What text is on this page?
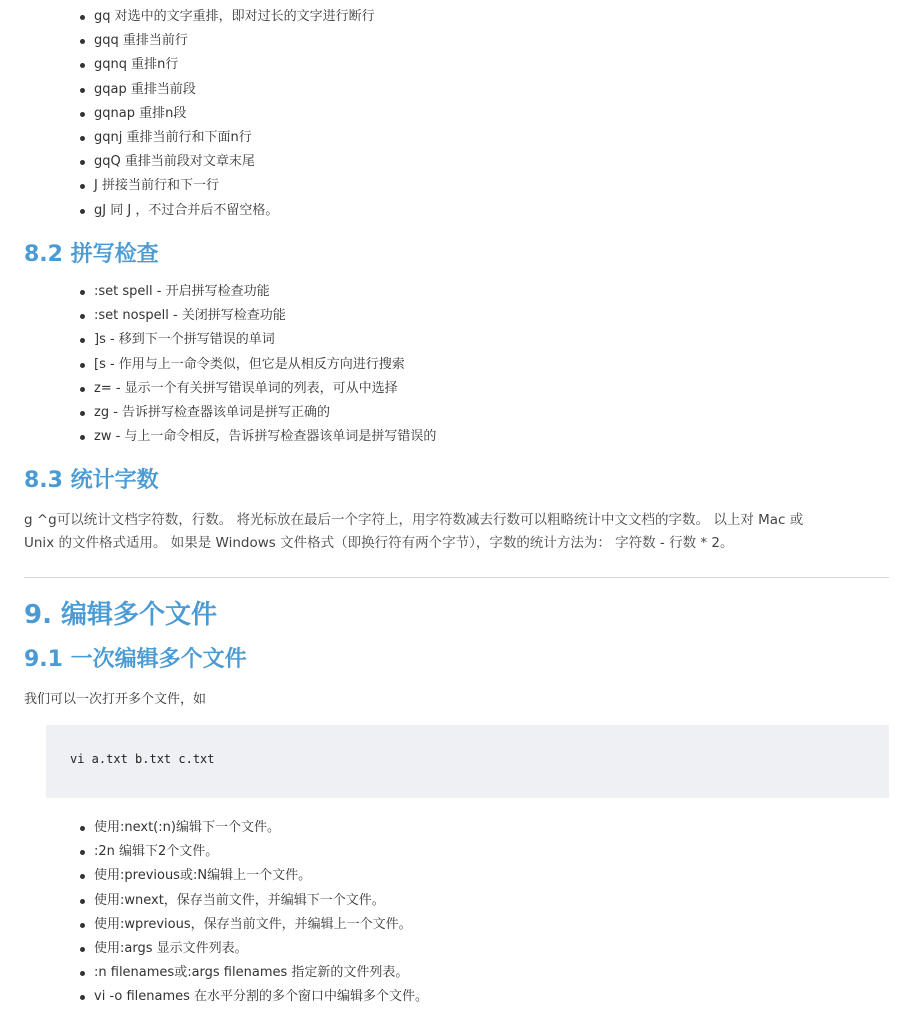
gq 对选中的文字重排，即对过长的文字进行断行
gqq 重排当前行
gqnq 重排n行
gqap 重排当前段
gqnap 重排n段
gqnj 重排当前行和下面n行
gqQ 重排当前段对文章末尾
J 拼接当前行和下一行
gJ 同 J ，不过合并后不留空格。
8.2 拼写检查
:set spell - 开启拼写检查功能
:set nospell - 关闭拼写检查功能
]s - 移到下一个拼写错误的单词
[s - 作用与上一命令类似，但它是从相反方向进行搜索
z= - 显示一个有关拼写错误单词的列表，可从中选择
zg - 告诉拼写检查器该单词是拼写正确的
zw - 与上一命令相反，告诉拼写检查器该单词是拼写错误的
8.3 统计字数
g ^g可以统计文档字符数，行数。 将光标放在最后一个字符上，用字符数减去行数可以粗略统计中文文档的字数。 以上对 Mac 或
Unix 的文件格式适用。 如果是 Windows 文件格式（即换行符有两个字节），字数的统计方法为： 字符数 - 行数 * 2。
9. 编辑多个文件
9.1 一次编辑多个文件
我们可以一次打开多个文件，如
vi a.txt b.txt c.txt
使用:next(:n)编辑下一个文件。
:2n 编辑下2个文件。
使用:previous或:N编辑上一个文件。
使用:wnext，保存当前文件，并编辑下一个文件。
使用:wprevious，保存当前文件，并编辑上一个文件。
使用:args 显示文件列表。
:n filenames或:args filenames 指定新的文件列表。
vi -o filenames 在水平分割的多个窗口中编辑多个文件。
